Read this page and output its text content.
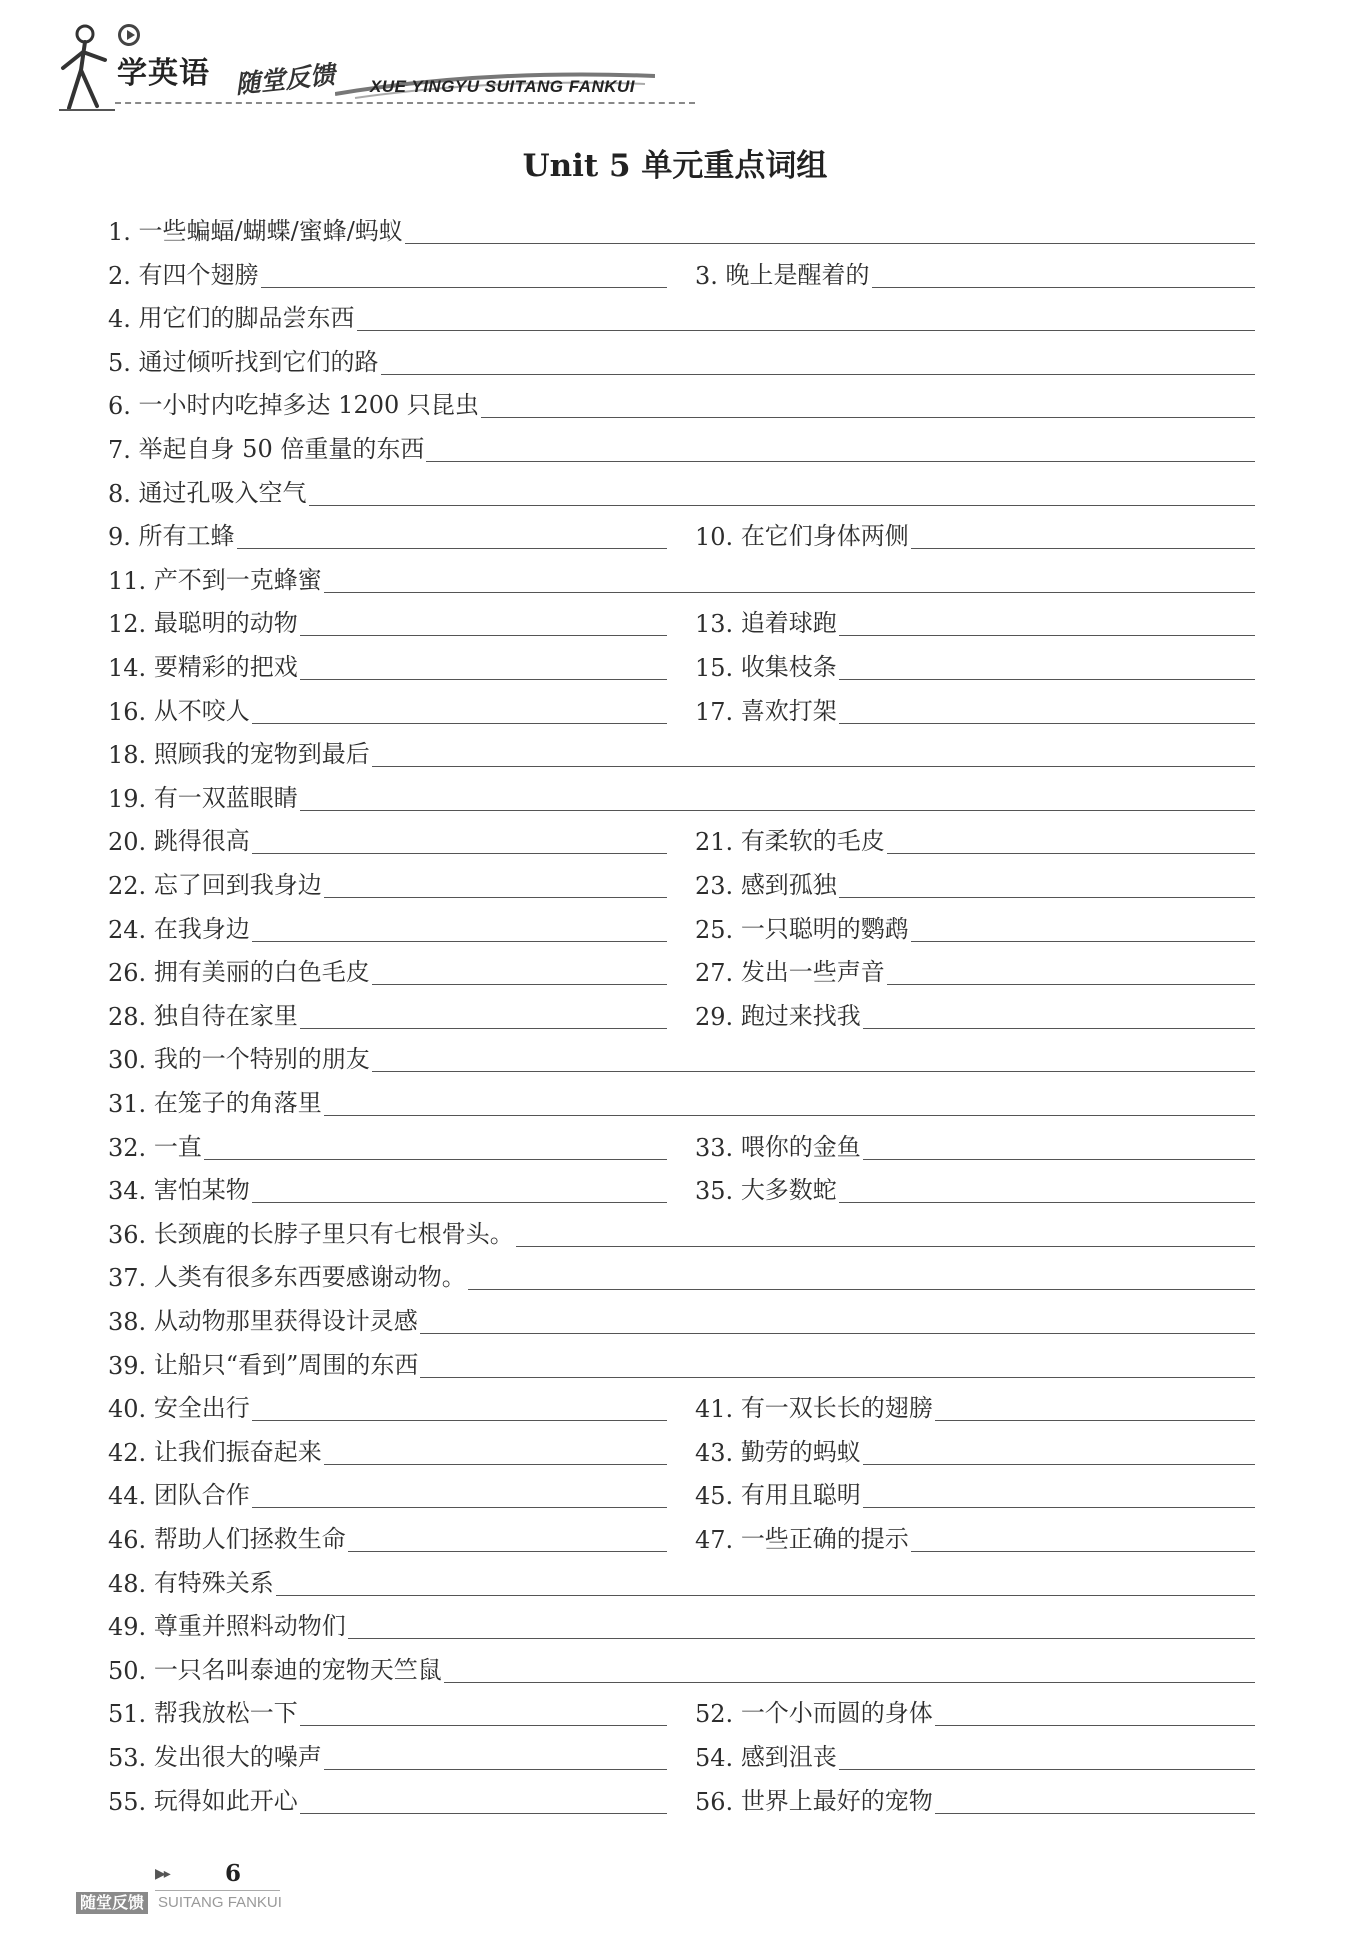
学英语 随堂反馈 XUE YINGYU SUITANG FANKUI
Unit 5 单元重点词组
1.
一些蝙蝠/蝴蝶/蜜蜂/蚂蚁
2.
有四个翅膀	3.
晚上是醒着的
4.
用它们的脚品尝东西
5.
通过倾听找到它们的路
6.
一小时内吃掉多达 1200 只昆虫
7.
举起自身 50 倍重量的东西
8.
通过孔吸入空气
9.
所有工蜂	10.
在它们身体两侧
11.
产不到一克蜂蜜
12.
最聪明的动物	13.
追着球跑
14.
要精彩的把戏	15.
收集枝条
16.
从不咬人	17.
喜欢打架
18.
照顾我的宠物到最后
19.
有一双蓝眼睛
20.
跳得很高	21.
有柔软的毛皮
22.
忘了回到我身边	23.
感到孤独
24.
在我身边	25.
一只聪明的鹦鹉
26.
拥有美丽的白色毛皮	27.
发出一些声音
28.
独自待在家里	29.
跑过来找我
30.
我的一个特别的朋友
31.
在笼子的角落里
32.
一直	33.
喂你的金鱼
34.
害怕某物	35.
大多数蛇
36.
长颈鹿的长脖子里只有七根骨头。
37.
人类有很多东西要感谢动物。
38.
从动物那里获得设计灵感
39.
让船只“看到”周围的东西
40.
安全出行	41.
有一双长长的翅膀
42.
让我们振奋起来	43.
勤劳的蚂蚁
44.
团队合作	45.
有用且聪明
46.
帮助人们拯救生命	47.
一些正确的提示
48.
有特殊关系
49.
尊重并照料动物们
50.
一只名叫泰迪的宠物天竺鼠
51.
帮我放松一下	52.
一个小而圆的身体
53.
发出很大的噪声	54.
感到沮丧
55.
玩得如此开心	56.
世界上最好的宠物
▶▸ 6
随堂反馈 SUITANG FANKUI
